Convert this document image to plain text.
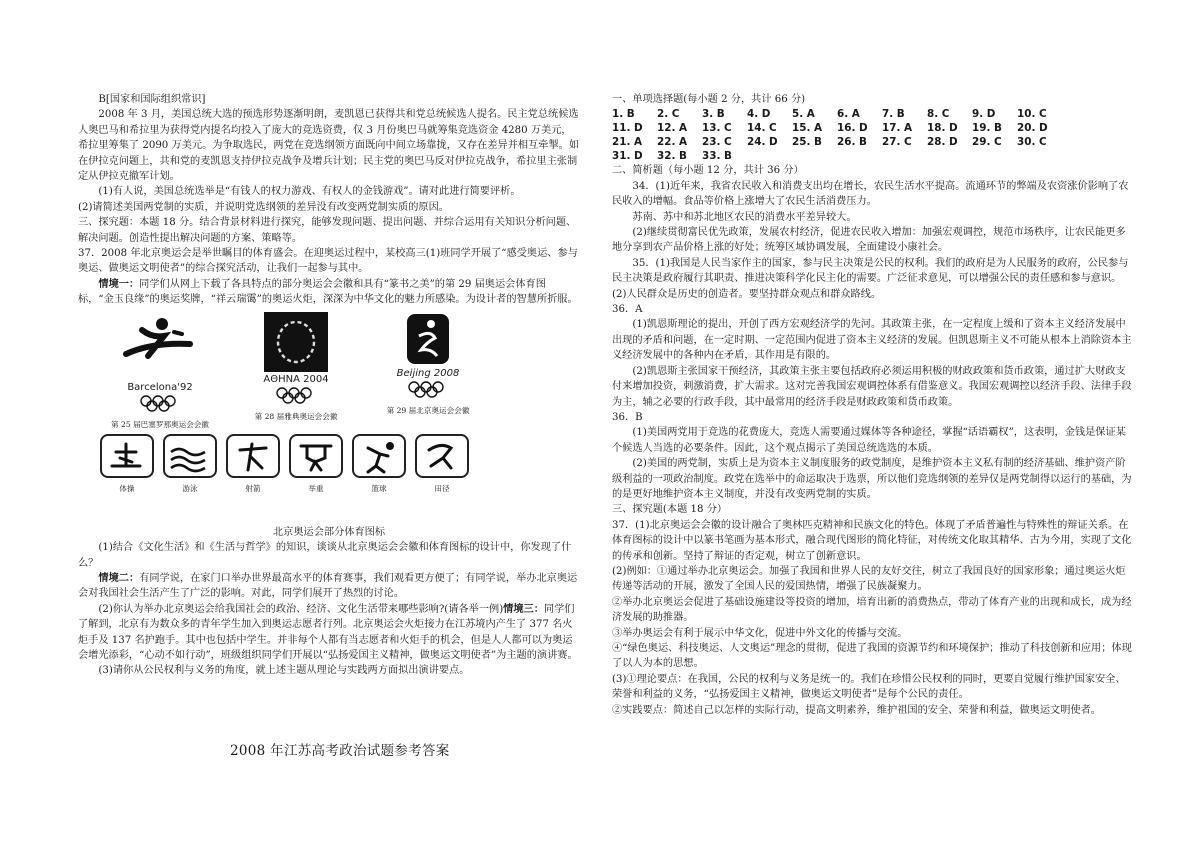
B[国家和国际组织常识]

2008 年 3 月，美国总统大选的预选形势逐渐明朗，麦凯恩已获得共和党总统候选人提名。民主党总统候选人奥巴马和希拉里为获得党内提名均投入了庞大的竞选资费，仅 3 月份奥巴马就筹集竞选资金 4280 万美元，希拉里筹集了 2090 万美元。为争取选民，两党在竞选纲领方面既向中间立场靠拢，又存在差异并相互牵掣。如在伊拉克问题上，共和党的麦凯恩支持伊拉克战争及增兵计划；民主党的奥巴马反对伊拉克战争，希拉里主张制定从伊拉克撤军计划。

(1)有人说，美国总统选举是“有钱人的权力游戏、有权人的金钱游戏”。请对此进行简要评析。

(2)请简述美国两党制的实质，并说明党选纲领的差异没有改变两党制实质的原因。

三、探究题：本题 18 分。结合背景材料进行探究，能够发现问题、提出问题、并综合运用有关知识分析问题、解决问题。创造性提出解决问题的方案、策略等。

37．2008 年北京奥运会是举世瞩目的体育盛会。在迎奥运过程中，某校高三(1)班同学开展了“感受奥运、参与奥运、做奥运文明使者”的综合探究活动，让我们一起参与其中。

情境一：同学们从网上下载了各具特点的部分奥运会会徽和具有“篆书之美”的第 29 届奥运会体育图标，“金玉良缘”的奥运奖牌，“祥云瑞霭”的奥运火炬，深深为中华文化的魅力所感染。为设计者的智慧所折服。

Barcelona'92
第 25 届巴塞罗那奥运会会徽
AΘHNA 2004
第 28 届雅典奥运会会徽
Beijing 2008
第 29 届北京奥运会会徽
体操	游泳	射箭	举重	篮球	田径

北京奥运会部分体育图标

(1)结合《文化生活》和《生活与哲学》的知识，谈谈从北京奥运会会徽和体育图标的设计中，你发现了什么？

情境二：有同学说，在家门口举办世界最高水平的体育赛事，我们观看更方便了；有同学说，举办北京奥运会对我国社会生活产生了广泛的影响。对此，同学们展开了热烈的讨论。

(2)你认为举办北京奥运会给我国社会的政治、经济、文化生活带来哪些影响?(请各举一例)情境三：同学们了解到，北京有为数众多的青年学生加入到奥运志愿者行列。北京奥运会火炬接力在江苏境内产生了 377 名火炬手及 137 名护跑手。其中也包括中学生。并非每个人都有当志愿者和火炬手的机会，但是人人都可以为奥运会增光添彩，“心动不如行动”，班级组织同学们开展以“弘扬爱国主义精神，做奥运文明使者”为主题的演讲赛。

(3)请你从公民权利与义务的角度，就上述主题从理论与实践两方面拟出演讲要点。

2008 年江苏高考政治试题参考答案

一、单项选择题(每小题 2 分，共计 66 分)

1. B	2. C	3. B	4. D	5. A	6. A	7. B	8. C	9. D	10. C
11. D	12. A	13. C	14. C	15. A	16. D	17. A	18. D	19. B	20. D
21. A	22. A	23. C	24. D	25. B	26. B	27. C	28. D	29. C	30. C
31. D	32. B	33. B							

二、简析题（每小题 12 分，共计 36 分）

34．(1)近年来，我省农民收入和消费支出均在增长，农民生活水平提高。流通环节的弊端及农资涨价影响了农民收入的增幅。食品等价格上涨增大了农民生活消费压力。

苏南、苏中和苏北地区农民的消费水平差异较大。

(2)继续贯彻富民优先政策，发展农村经济，促进农民收入增加：加强宏观调控，规范市场秩序，让农民能更多地分享到农产品价格上涨的好处；统筹区域协调发展，全面建设小康社会。

35．(1)我国是人民当家作主的国家，参与民主决策是公民的权利。我们的政府是为人民服务的政府，公民参与民主决策是政府履行其职责、推进决策科学化民主化的需要。广泛征求意见，可以增强公民的责任感和参与意识。

(2)人民群众是历史的创造者。要坚持群众观点和群众路线。

36．A

(1)凯恩斯理论的提出，开创了西方宏观经济学的先河。其政策主张，在一定程度上缓和了资本主义经济发展中出现的矛盾和问题，在一定时期、一定范围内促进了资本主义经济的发展。但凯恩斯主义不可能从根本上消除资本主义经济发展中的各种内在矛盾，其作用是有限的。

(2)凯恩斯主张国家干预经济，其政策主张主要包括政府必须运用积极的财政政策和货币政策，通过扩大财政支付来增加投资，刺激消费，扩大需求。这对完善我国宏观调控体系有借鉴意义。我国宏观调控以经济手段、法律手段为主，辅之必要的行政手段，其中最常用的经济手段是财政政策和货币政策。

36．B

(1)美国两党用于竞选的花费庞大，竞选人需要通过媒体等各种途径，掌握“话语霸权”，这表明，金钱是保证某个候选人当选的必要条件。因此，这个观点揭示了美国总统选选的本质。

(2)美国的两党制，实质上是为资本主义制度服务的政党制度，是维护资本主义私有制的经济基础、维护资产阶级利益的一项政治制度。政党在选举中的命运取决于选票，所以他们竞选纲领的差异仅是两党制得以运行的基础，为的是更好地维护资本主义制度，并没有改变两党制的实质。

三、探究题(本题 18 分）

37．(1)北京奥运会会徽的设计融合了奥林匹克精神和民族文化的特色。体现了矛盾普遍性与特殊性的辩证关系。在体育图标的设计中以篆书笔画为基本形式，融合现代图形的简化特征，对传统文化取其精华、古为今用，实现了文化的传承和创新。坚持了辩证的否定观，树立了创新意识。

(2)例如：①通过举办北京奥运会。加强了我国和世界人民的友好交往，树立了我国良好的国家形象；通过奥运火炬传递等活动的开展，激发了全国人民的爱国热情，增强了民族凝聚力。

②举办北京奥运会促进了基础设施建设等投资的增加，培育出新的消费热点，带动了体育产业的出现和成长，成为经济发展的助推器。

③举办奥运会有利于展示中华文化，促进中外文化的传播与交流。

④“绿色奥运、科技奥运、人文奥运”理念的贯彻，促进了我国的资源节约和环境保护；推动了科技创新和应用；体现了以人为本的思想。

(3)①理论要点：在我国，公民的权利与义务是统一的。我们在珍惜公民权利的同时，更要自觉履行维护国家安全、荣誉和利益的义务，“弘扬爱国主义精神，做奥运文明使者”是每个公民的责任。

②实践要点：简述自己以怎样的实际行动，提高文明素养，维护祖国的安全、荣誉和利益，做奥运文明使者。
